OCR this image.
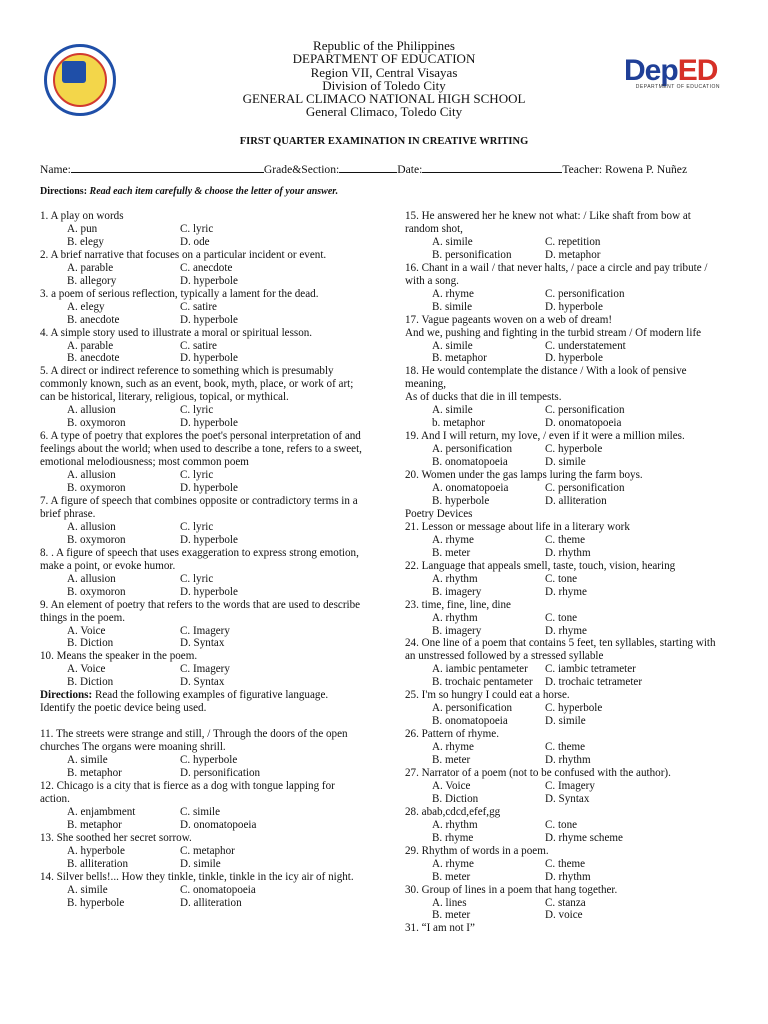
DepED
DEPARTMENT OF EDUCATION
Republic of the Philippines
DEPARTMENT OF EDUCATION
Region VII, Central Visayas
Division of Toledo City
GENERAL CLIMACO NATIONAL HIGH SCHOOL
General Climaco, Toledo City
FIRST QUARTER EXAMINATION IN CREATIVE WRITING
Name:	Grade&Section:	Date:	Teacher: Rowena P. Nuñez
Directions: Read each item carefully & choose the letter of your answer.
1. A play on words
A. pun	C. lyric
B. elegy	D. ode
2. A brief narrative that focuses on a particular incident or event.
A. parable	C. anecdote
B. allegory	D. hyperbole
3. a poem of serious reflection, typically a lament for the dead.
A. elegy	C. satire
B. anecdote	D. hyperbole
4. A simple story used to illustrate a moral or spiritual lesson.
A. parable	C. satire
B. anecdote	D. hyperbole
5. A direct or indirect reference to something which is presumably commonly known, such as an event, book, myth, place, or work of art; can be historical, literary, religious, topical, or mythical.
A. allusion	C. lyric
B. oxymoron	D. hyperbole
6. A type of poetry that explores the poet's personal interpretation of and feelings about the world; when used to describe a tone, refers to a sweet, emotional melodiousness; most common poem
A. allusion	C. lyric
B. oxymoron	D. hyperbole
7. A figure of speech that combines opposite or contradictory terms in a brief phrase.
A. allusion	C. lyric
B. oxymoron	D. hyperbole
8. . A figure of speech that uses exaggeration to express strong emotion, make a point, or evoke humor.
A. allusion	C. lyric
B. oxymoron	D. hyperbole
9. An element of poetry that refers to the words that are used to describe things in the poem.
A. Voice	C. Imagery
B. Diction	D. Syntax
10. Means the speaker in the poem.
A. Voice	C. Imagery
B. Diction	D. Syntax
Directions: Read the following examples of figurative language. Identify the poetic device being used.
11. The streets were strange and still, / Through the doors of the open churches The organs were moaning shrill.
A. simile	C. hyperbole
B. metaphor	D. personification
12. Chicago is a city that is fierce as a dog with tongue lapping for action.
A. enjambment	C. simile
B. metaphor	D. onomatopoeia
13. She soothed her secret sorrow.
A. hyperbole	C. metaphor
B. alliteration	D. simile
14. Silver bells!... How they tinkle, tinkle, tinkle in the icy air of night.
A. simile	C. onomatopoeia
B. hyperbole	D. alliteration
15. He answered her he knew not what: / Like shaft from bow at random shot,
A. simile	C. repetition
B. personification	D. metaphor
16. Chant in a wail / that never halts, / pace a circle and pay tribute / with a song.
A. rhyme	C. personification
B. simile	D. hyperbole
17. Vague pageants woven on a web of dream!
And we, pushing and fighting in the turbid stream / Of modern life
A. simile	C. understatement
B. metaphor	D. hyperbole
18. He would contemplate the distance / With a look of pensive meaning,
As of ducks that die in ill tempests.
A. simile	C. personification
b. metaphor	D. onomatopoeia
19. And I will return, my love, / even if it were a million miles.
A. personification	C. hyperbole
B. onomatopoeia	D. simile
20. Women under the gas lamps luring the farm boys.
A. onomatopoeia	C. personification
B. hyperbole	D. alliteration
Poetry Devices
21. Lesson or message about life in a literary work
A. rhyme	C. theme
B. meter	D. rhythm
22. Language that appeals smell, taste, touch, vision, hearing
A. rhythm	C. tone
B. imagery	D. rhyme
23. time, fine, line, dine
A. rhythm	C. tone
B. imagery	D. rhyme
24. One line of a poem that contains 5 feet, ten syllables, starting with an unstressed followed by a stressed syllable
A. iambic pentameter	C. iambic tetrameter
B. trochaic pentameter	D. trochaic tetrameter
25. I'm so hungry I could eat a horse.
A. personification	C. hyperbole
B. onomatopoeia	D. simile
26. Pattern of rhyme.
A. rhyme	C. theme
B. meter	D. rhythm
27. Narrator of a poem (not to be confused with the author).
A. Voice	C. Imagery
B. Diction	D. Syntax
28. abab,cdcd,efef,gg
A. rhythm	C. tone
B. rhyme	D. rhyme scheme
29. Rhythm of words in a poem.
A. rhyme	C. theme
B. meter	D. rhythm
30. Group of lines in a poem that hang together.
A. lines	C. stanza
B. meter	D. voice
31. “I am not I”
